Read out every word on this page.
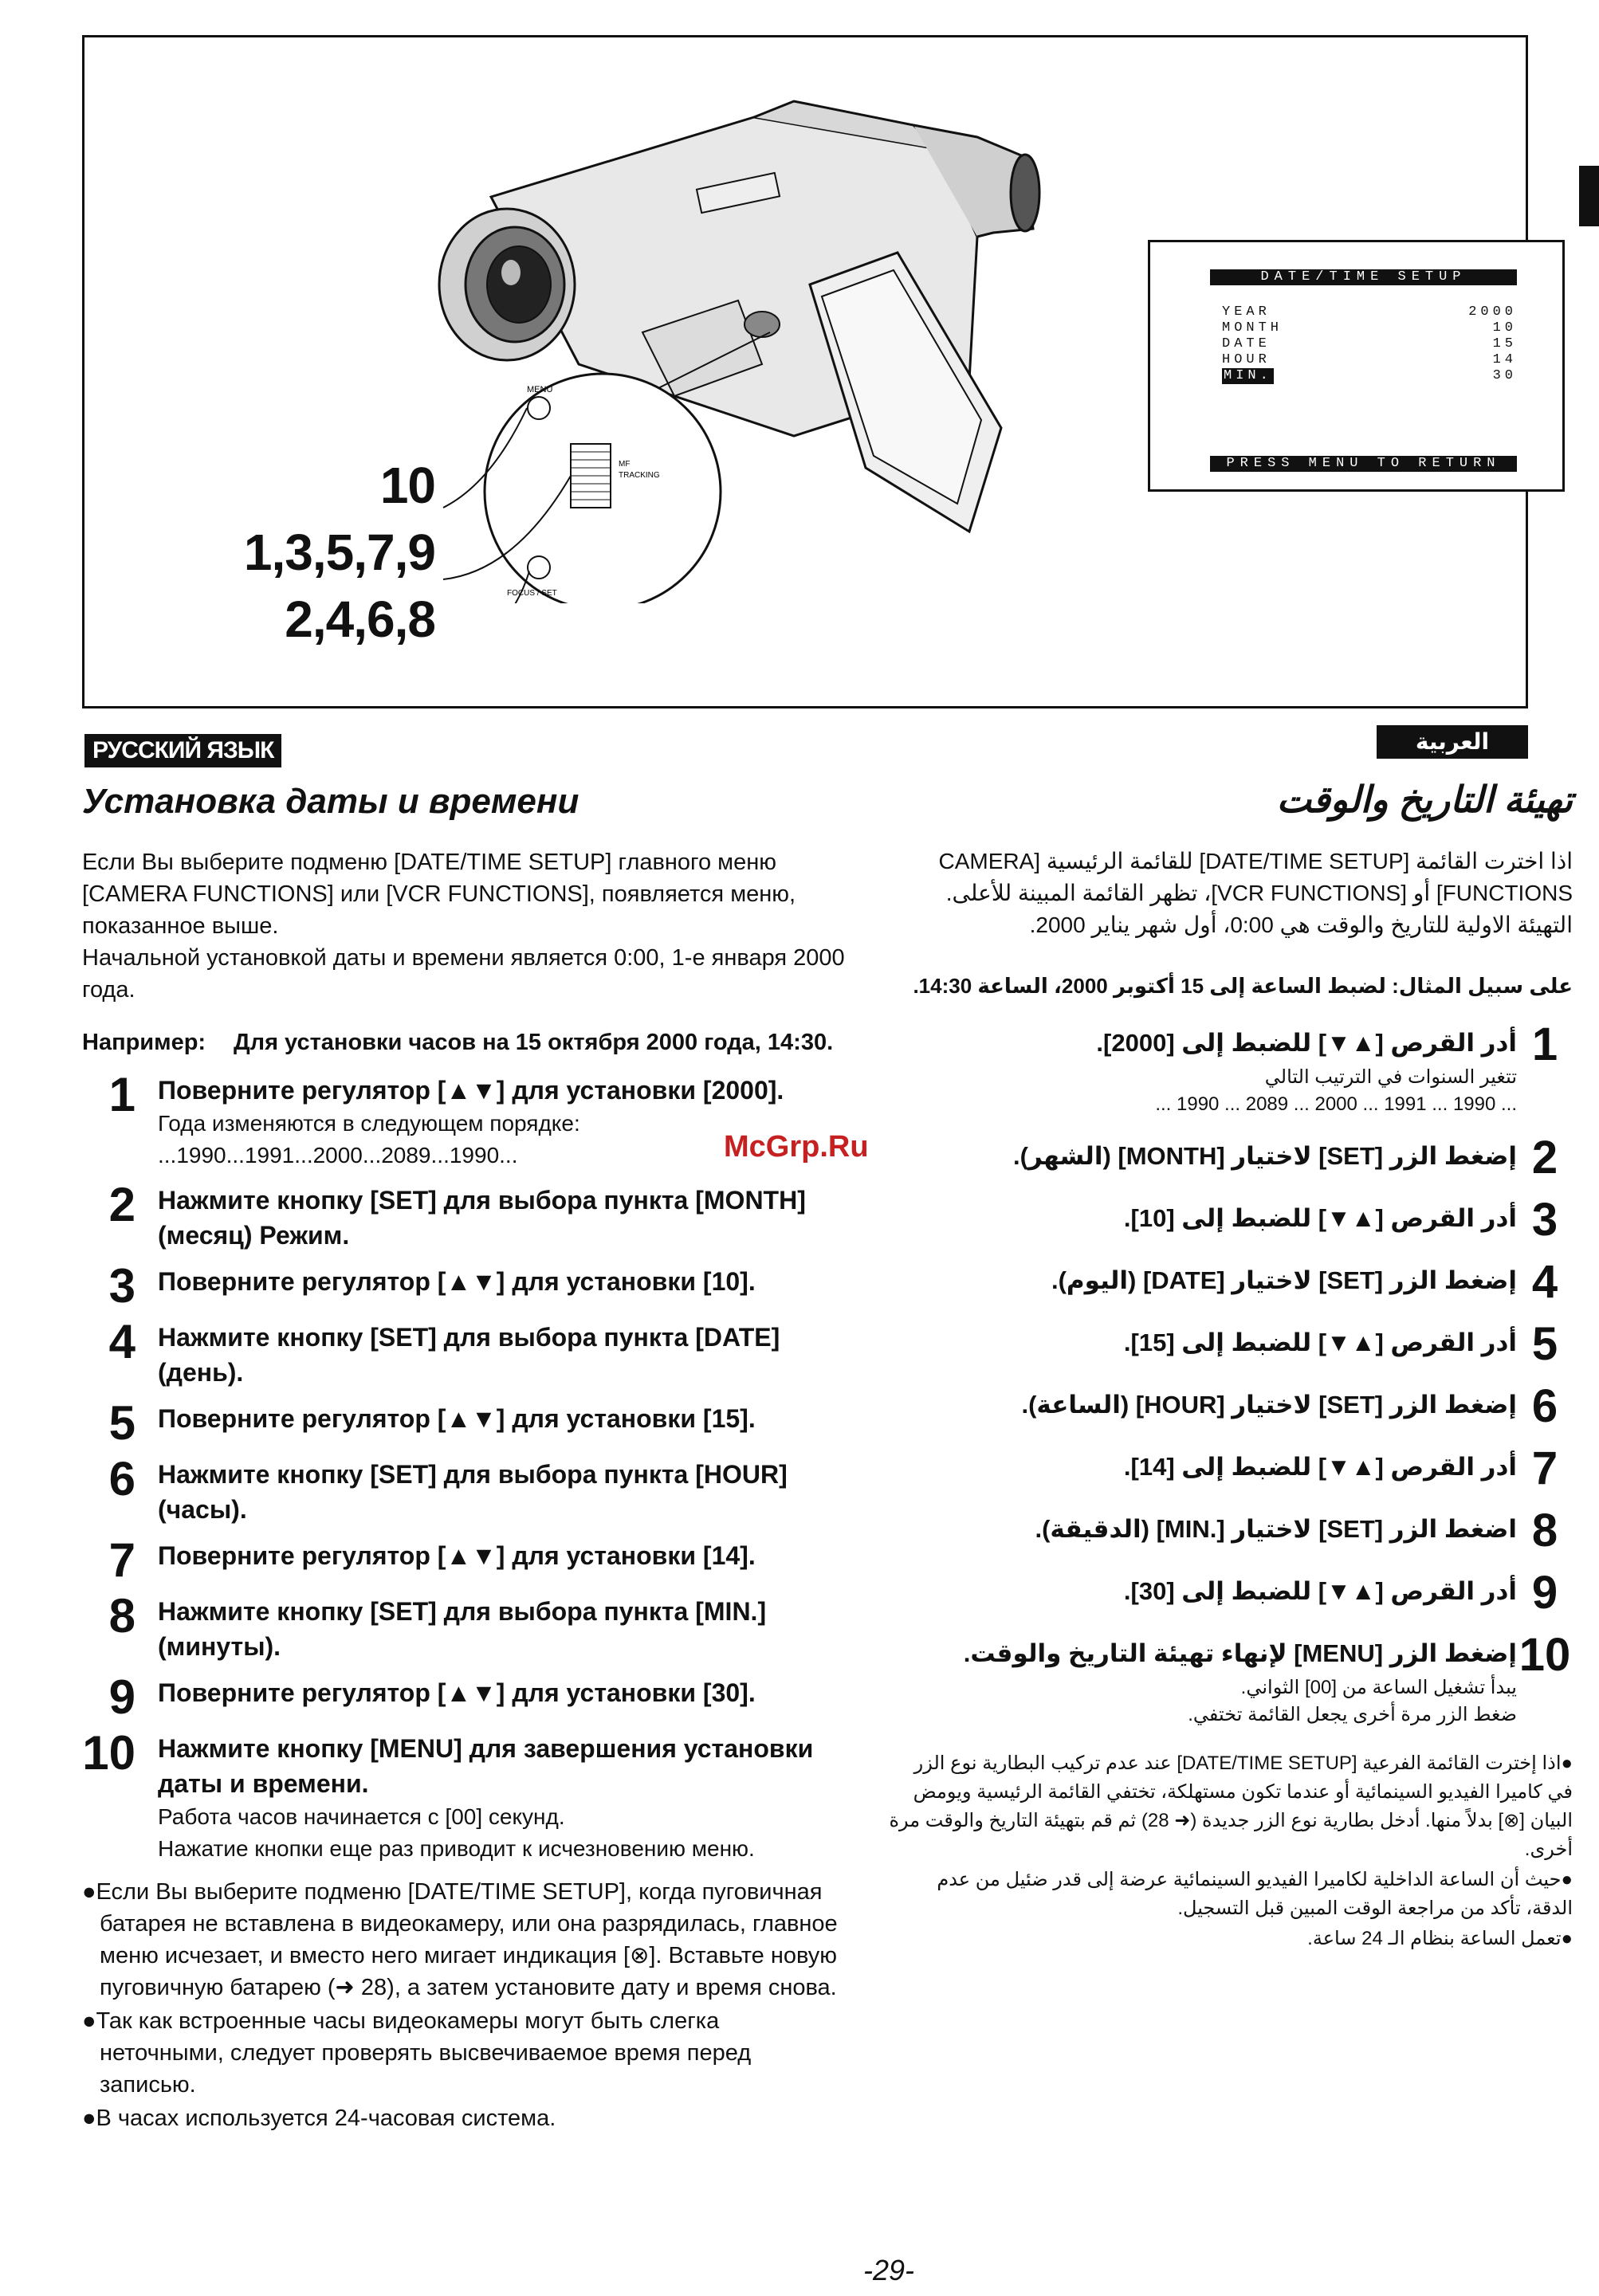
10
1,3,5,7,9
2,4,6,8
MENU
MF
TRACKING
FOCUS / SET
DATE/TIME SETUP
YEAR	2000
MONTH	10
DATE	15
HOUR	14
MIN.	30
PRESS MENU TO RETURN
РУССКИЙ ЯЗЫК	العربية
Установка даты и времени

Если Вы выберите подменю [DATE/TIME SETUP] главного меню [CAMERA FUNCTIONS] или [VCR FUNCTIONS], появляется меню, показанное выше.

Начальной установкой даты и времени является 0:00, 1-е января 2000 года.

Например:	Для установки часов на 15 октября 2000 года, 14:30.
1 Поверните регулятор [▲▼] для установки [2000].
Года изменяются в следующем порядке:
...1990...1991...2000...2089...1990...
2 Нажмите кнопку [SET] для выбора пункта [MONTH] (месяц) Режим.
3 Поверните регулятор [▲▼] для установки [10].
4 Нажмите кнопку [SET] для выбора пункта [DATE] (день).
5 Поверните регулятор [▲▼] для установки [15].
6 Нажмите кнопку [SET] для выбора пункта [HOUR] (часы).
7 Поверните регулятор [▲▼] для установки [14].
8 Нажмите кнопку [SET] для выбора пункта [MIN.] (минуты).
9 Поверните регулятор [▲▼] для установки [30].
10 Нажмите кнопку [MENU] для завершения установки даты и времени.
Работа часов начинается с [00] секунд.
Нажатие кнопки еще раз приводит к исчезновению меню.
●Если Вы выберите подменю [DATE/TIME SETUP], когда пуговичная батарея не вставлена в видеокамеру, или она разрядилась, главное меню исчезает, и вместо него мигает индикация [⊗]. Вставьте новую пуговичную батарею (➜ 28), а затем установите дату и время снова.
●Так как встроенные часы видеокамеры могут быть слегка неточными, следует проверять высвечиваемое время перед записью.
●В часах используется 24-часовая система.
McGrp.Ru
تهيئة التاريخ والوقت

اذا اخترت القائمة [DATE/TIME SETUP] للقائمة الرئيسية [CAMERA FUNCTIONS] أو [VCR FUNCTIONS]، تظهر القائمة المبينة للأعلى.

التهيئة الاولية للتاريخ والوقت هي 0:00، أول شهر يناير 2000.

على سبيل المثال: لضبط الساعة إلى 15 أكتوبر 2000، الساعة 14:30.
1
أدر القرص [▲▼] للضبط إلى [2000].
تتغير السنوات في الترتيب التالي
... 1990 ... 1991 ... 2000 ... 2089 ... 1990 ...
2
إضغط الزر [SET] لاختيار [MONTH] (الشهر).
3
أدر القرص [▲▼] للضبط إلى [10].
4
إضغط الزر [SET] لاختيار [DATE] (اليوم).
5
أدر القرص [▲▼] للضبط إلى [15].
6
إضغط الزر [SET] لاختيار [HOUR] (الساعة).
7
أدر القرص [▲▼] للضبط إلى [14].
8
اضغط الزر [SET] لاختيار [.MIN] (الدقيقة).
9
أدر القرص [▲▼] للضبط إلى [30].
10
إضغط الزر [MENU] لإنهاء تهيئة التاريخ والوقت.
يبدأ تشغيل الساعة من [00] الثواني.
ضغط الزر مرة أخرى يجعل القائمة تختفي.
●اذا إخترت القائمة الفرعية [DATE/TIME SETUP] عند عدم تركيب البطارية نوع الزر في كاميرا الفيديو السينمائية أو عندما تكون مستهلكة، تختفي القائمة الرئيسية ويومض البيان [⊗] بدلاً منها. أدخل بطارية نوع الزر جديدة (➜ 28) ثم قم بتهيئة التاريخ والوقت مرة أخرى.
●حيث أن الساعة الداخلية لكاميرا الفيديو السينمائية عرضة إلى قدر ضئيل من عدم الدقة، تأكد من مراجعة الوقت المبين قبل التسجيل.
●تعمل الساعة بنظام الـ 24 ساعة.
-29-
